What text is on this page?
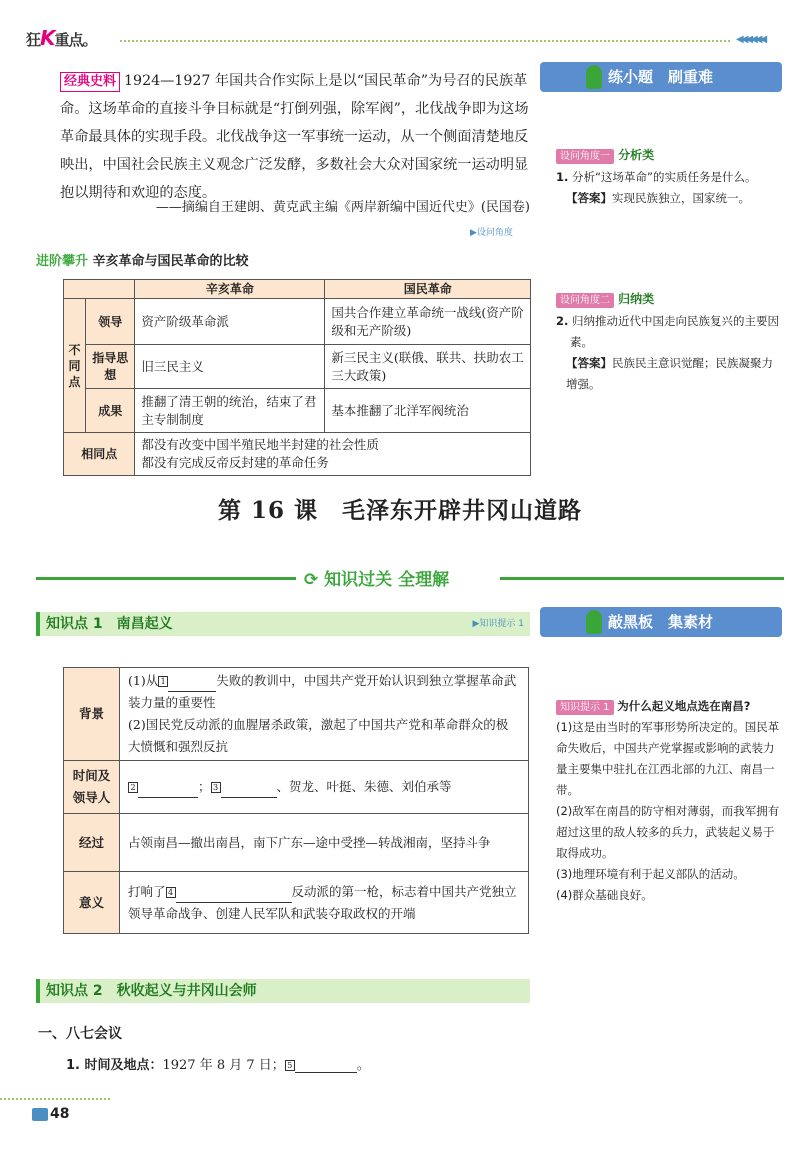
狂K重点。	◀◀◀◀◀◀
经典史料 1924—1927 年国共合作实际上是以“国民革命”为号召的民族革命。这场革命的直接斗争目标就是“打倒列强，除军阀”，北伐战争即为这场革命最具体的实现手段。北伐战争这一军事统一运动，从一个侧面清楚地反映出，中国社会民族主义观念广泛发酵，多数社会大众对国家统一运动明显抱以期待和欢迎的态度。
——摘编自王建朗、黄克武主编《两岸新编中国近代史》(民国卷)
▶设问角度
进阶攀升 辛亥革命与国民革命的比较
		辛亥革命	国民革命
不同点	领导	资产阶级革命派	国共合作建立革命统一战线(资产阶级和无产阶级)
	指导思想	旧三民主义	新三民主义(联俄、联共、扶助农工三大政策)
	成果	推翻了清王朝的统治，结束了君主专制制度	基本推翻了北洋军阀统治
相同点		都没有改变中国半殖民地半封建的社会性质
都没有完成反帝反封建的革命任务	
第 16 课　毛泽东开辟井冈山道路
⟳ 知识过关 全理解
知识点 1　南昌起义	▶知识提示 1
背景	(1)从 1 失败的教训中，中国共产党开始认识到独立掌握革命武装力量的重要性
(2)国民党反动派的血腥屠杀政策，激起了中国共产党和革命群众的极大愤慨和强烈反抗

时间及领导人	2 ； 3 、贺龙、叶挺、朱德、刘伯承等
经过	占领南昌—撤出南昌，南下广东—途中受挫—转战湘南，坚持斗争
意义	打响了 4 反动派的第一枪，标志着中国共产党独立领导革命战争、创建人民军队和武装夺取政权的开端
知识点 2　秋收起义与井冈山会师
一、八七会议
1. 时间及地点：1927 年 8 月 7 日； 5	。
48
练小题　刷重难
设问角度一 分析类
1. 分析“这场革命”的实质任务是什么。
【答案】实现民族独立，国家统一。
设问角度二 归纳类
2. 归纳推动近代中国走向民族复兴的主要因素。
【答案】民族民主意识觉醒；民族凝聚力增强。
敲黑板　集素材
知识提示 1 为什么起义地点选在南昌?
(1)这是由当时的军事形势所决定的。国民革命失败后，中国共产党掌握或影响的武装力量主要集中驻扎在江西北部的九江、南昌一带。
(2)敌军在南昌的防守相对薄弱，而我军拥有超过这里的敌人较多的兵力，武装起义易于取得成功。
(3)地理环境有利于起义部队的活动。
(4)群众基础良好。
